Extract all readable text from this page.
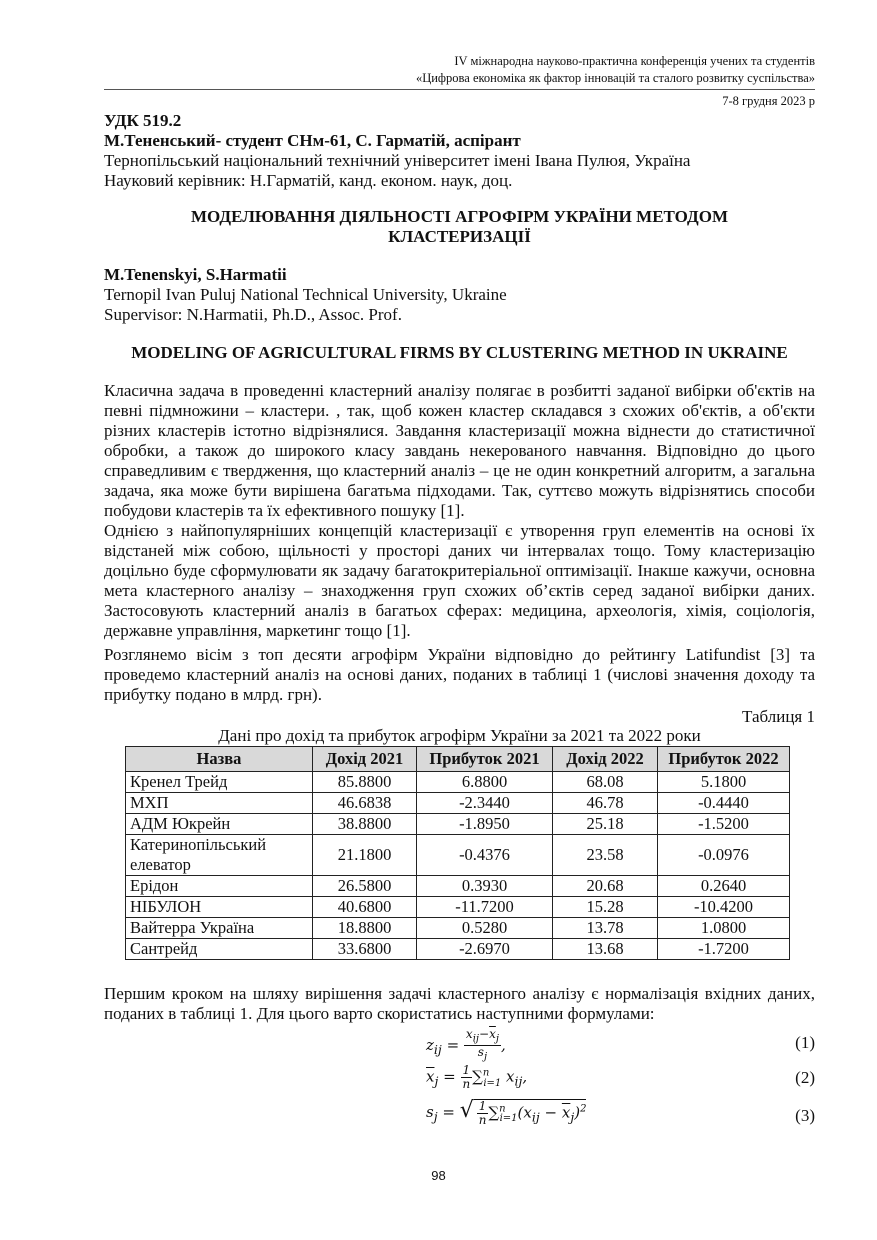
IV міжнародна науково-практична конференція учених та студентів
«Цифрова економіка як фактор інновацій та сталого розвитку суспільства»
7-8 грудня 2023 р
УДК 519.2
М.Тененський- студент СНм-61, С. Гарматій, аспірант
Тернопільський національний технічний університет імені Івана Пулюя, Україна
Науковий керівник: Н.Гарматій, канд. економ. наук, доц.
МОДЕЛЮВАННЯ ДІЯЛЬНОСТІ АГРОФІРМ УКРАЇНИ МЕТОДОМ
КЛАСТЕРИЗАЦІЇ
M.Tenenskyi, S.Harmatii
Ternopil Ivan Puluj National Technical University, Ukraine
Supervisor: N.Harmatii, Ph.D., Assoc. Prof.
MODELING OF AGRICULTURAL FIRMS BY CLUSTERING METHOD IN UKRAINE

Класична задача в проведенні кластерний аналізу полягає в розбитті заданої вибірки об'єктів на певні підмножини – кластери. , так, щоб кожен кластер складався з схожих об'єктів, а об'єкти різних кластерів істотно відрізнялися. Завдання кластеризації можна віднести до статистичної обробки, а також до широкого класу завдань некерованого навчання. Відповідно до цього справедливим є твердження, що кластерний аналіз – це не один конкретний алгоритм, а загальна задача, яка може бути вирішена багатьма підходами. Так, суттєво можуть відрізнятись способи побудови кластерів та їх ефективного пошуку [1].

Однією з найпопулярніших концепцій кластеризації є утворення груп елементів на основі їх відстаней між собою, щільності у просторі даних чи інтервалах тощо. Тому кластеризацію доцільно буде сформулювати як задачу багатокритеріальної оптимізації. Інакше кажучи, основна мета кластерного аналізу – знаходження груп схожих об’єктів серед заданої вибірки даних. Застосовують кластерний аналіз в багатьох сферах: медицина, археологія, хімія, соціологія, державне управління, маркетинг тощо [1].

Розглянемо вісім з топ десяти агрофірм України відповідно до рейтингу Latifundist [3] та проведемо кластерний аналіз на основі даних, поданих в таблиці 1 (числові значення доходу та прибутку подано в млрд. грн).

Таблиця 1
Дані про дохід та прибуток агрофірм України за 2021 та 2022 роки
Назва	Дохід 2021	Прибуток 2021	Дохід 2022	Прибуток 2022
Кренел Трейд	85.8800	6.8800	68.08	5.1800
МХП	46.6838	-2.3440	46.78	-0.4440
АДМ Юкрейн	38.8800	-1.8950	25.18	-1.5200
Катеринопільський елеватор	21.1800	-0.4376	23.58	-0.0976
Ерідон	26.5800	0.3930	20.68	0.2640
НІБУЛОН	40.6800	-11.7200	15.28	-10.4200
Вайтерра Україна	18.8800	0.5280	13.78	1.0800
Сантрейд	33.6800	-2.6970	13.68	-1.7200

Першим кроком на шляху вирішення задачі кластерного аналізу є нормалізація вхідних даних, поданих в таблиці 1. Для цього варто скористатись наступними формулами:

$z_{ij} = \frac{x_{ij}-\overline{x}_j}{s_j}$ ,	(1)
$\overline{x}_j = \frac{1}{n} \sum^n_{i=1}$ $x_{ij}$,	(2)
$s_j$ = √ $\frac{1}{n} \sum^n_{i=1}(x_{ij} - \overline{x}_j)^2$	(3)
98
